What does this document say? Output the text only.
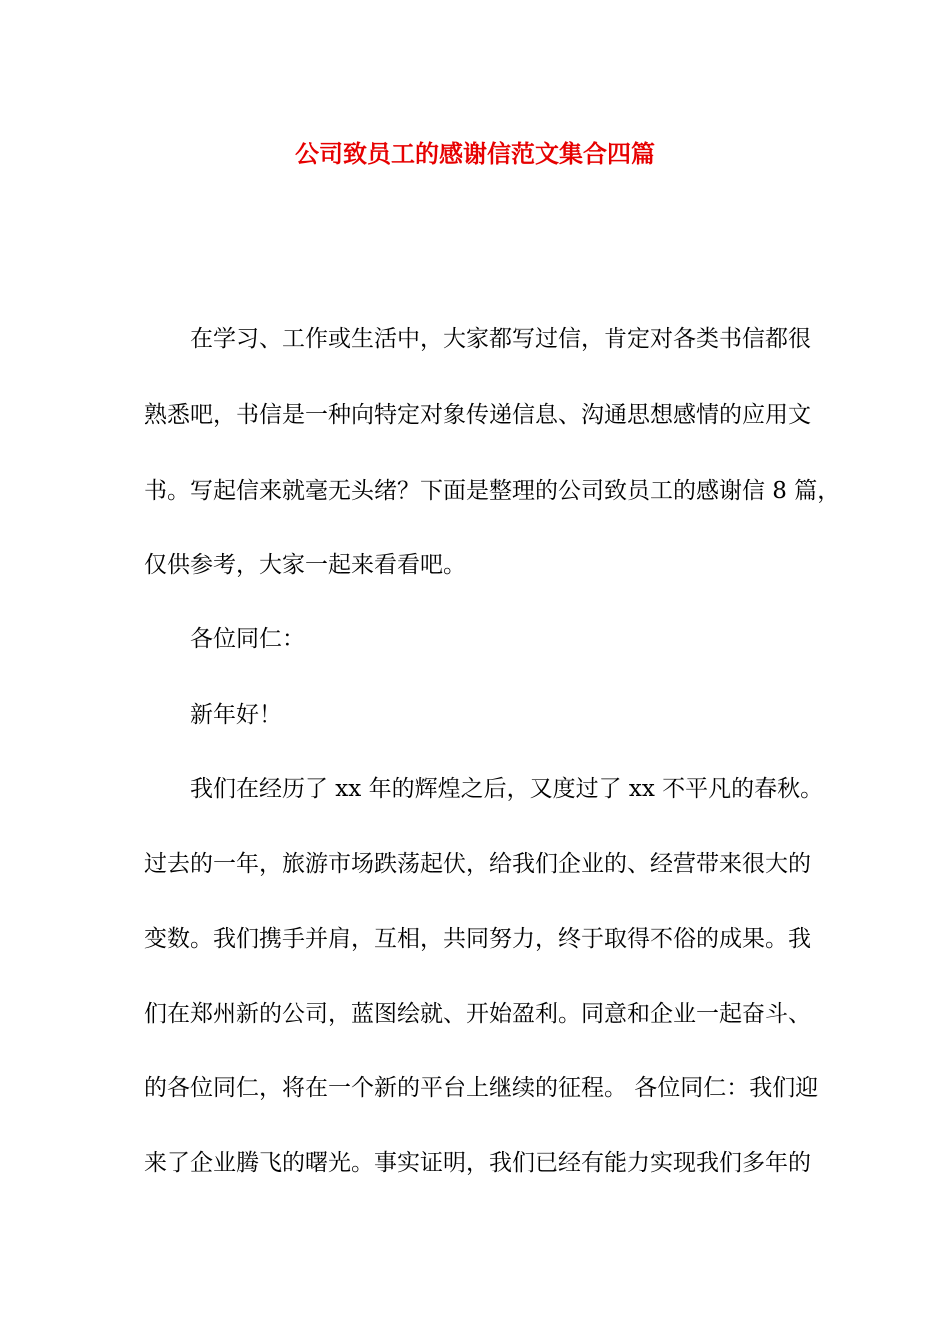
公司致员工的感谢信范文集合四篇
在学习、工作或生活中，大家都写过信，肯定对各类书信都很
熟悉吧，书信是一种向特定对象传递信息、沟通思想感情的应用文
书。写起信来就毫无头绪？下面是整理的公司致员工的感谢信 8 篇，
仅供参考，大家一起来看看吧。
各位同仁：
新年好！
我们在经历了 xx 年的辉煌之后，又度过了 xx 不平凡的春秋。
过去的一年，旅游市场跌荡起伏，给我们企业的、经营带来很大的
变数。我们携手并肩，互相，共同努力，终于取得不俗的成果。我
们在郑州新的公司，蓝图绘就、开始盈利。同意和企业一起奋斗、
的各位同仁，将在一个新的平台上继续的征程。 各位同仁：我们迎
来了企业腾飞的曙光。事实证明，我们已经有能力实现我们多年的
